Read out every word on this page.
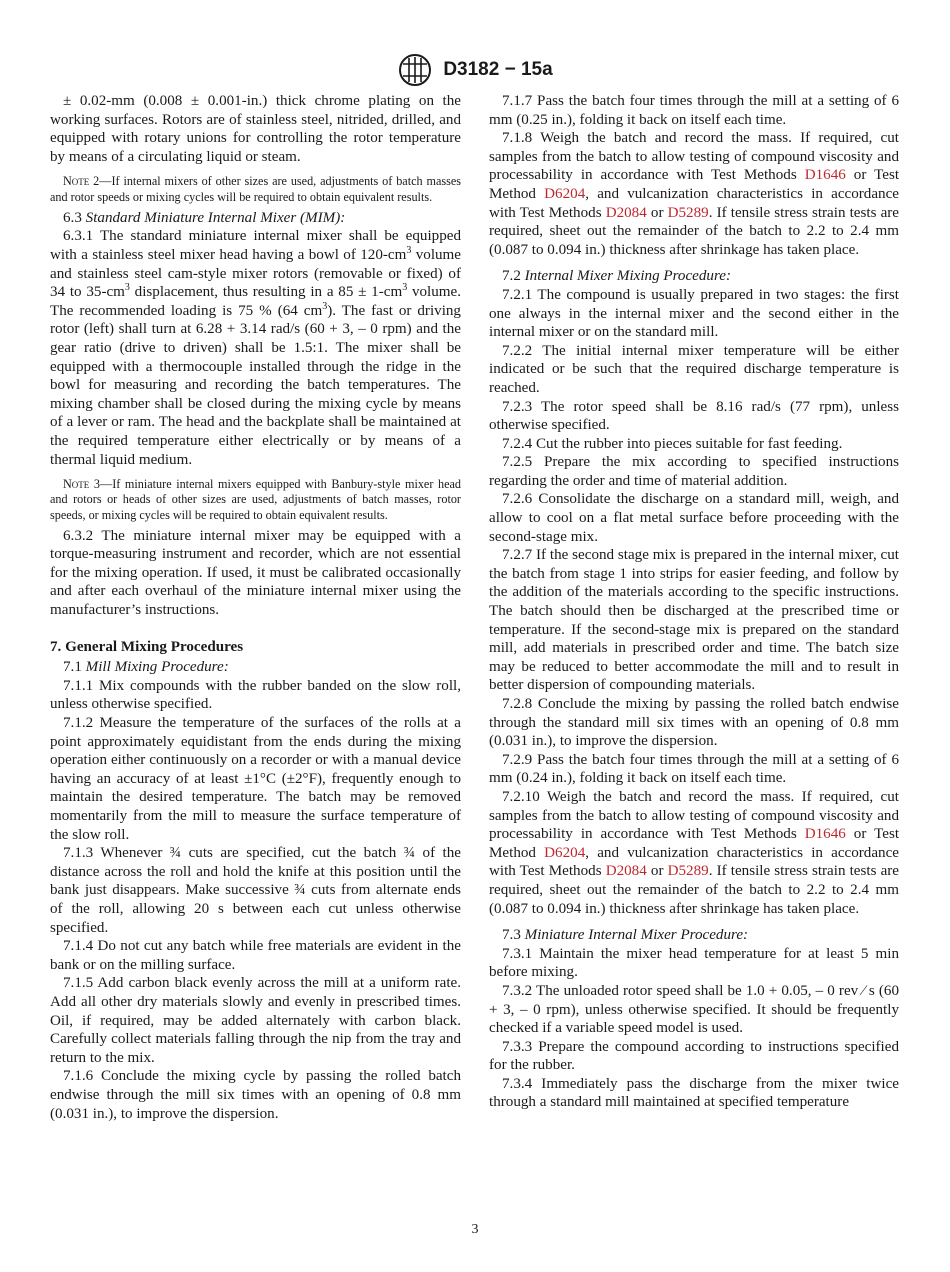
D3182 − 15a

± 0.02-mm (0.008 ± 0.001-in.) thick chrome plating on the working surfaces. Rotors are of stainless steel, nitrided, drilled, and equipped with rotary unions for controlling the rotor temperature by means of a circulating liquid or steam.

Note 2—If internal mixers of other sizes are used, adjustments of batch masses and rotor speeds or mixing cycles will be required to obtain equivalent results.

6.3 Standard Miniature Internal Mixer (MIM):

6.3.1 The standard miniature internal mixer shall be equipped with a stainless steel mixer head having a bowl of $120-cm^3$ volume and stainless steel cam-style mixer rotors (removable or fixed) of 34 to $35-cm^3$ displacement, thus resulting in a $85 \pm 1-cm^3$ volume. The recommended loading is 75 % (64 $cm^3$). The fast or driving rotor (left) shall turn at 6.28 + 3.14 rad/s (60 + 3, – 0 rpm) and the gear ratio (drive to driven) shall be 1.5:1. The mixer shall be equipped with a thermocouple installed through the ridge in the bowl for measuring and recording the batch temperatures. The mixing chamber shall be closed during the mixing cycle by means of a lever or ram. The head and the backplate shall be maintained at the required temperature either electrically or by means of a thermal liquid medium.

Note 3—If miniature internal mixers equipped with Banbury-style mixer head and rotors or heads of other sizes are used, adjustments of batch masses, rotor speeds, or mixing cycles will be required to obtain equivalent results.

6.3.2 The miniature internal mixer may be equipped with a torque-measuring instrument and recorder, which are not essential for the mixing operation. If used, it must be calibrated occasionally and after each overhaul of the miniature internal mixer using the manufacturer’s instructions.

7. General Mixing Procedures

7.1 Mill Mixing Procedure:

7.1.1 Mix compounds with the rubber banded on the slow roll, unless otherwise specified.

7.1.2 Measure the temperature of the surfaces of the rolls at a point approximately equidistant from the ends during the mixing operation either continuously on a recorder or with a manual device having an accuracy of at least ±1°C (±2°F), frequently enough to maintain the desired temperature. The batch may be removed momentarily from the mill to measure the surface temperature of the slow roll.

7.1.3 Whenever ¾ cuts are specified, cut the batch ¾ of the distance across the roll and hold the knife at this position until the bank just disappears. Make successive ¾ cuts from alternate ends of the roll, allowing 20 s between each cut unless otherwise specified.

7.1.4 Do not cut any batch while free materials are evident in the bank or on the milling surface.

7.1.5 Add carbon black evenly across the mill at a uniform rate. Add all other dry materials slowly and evenly in prescribed times. Oil, if required, may be added alternately with carbon black. Carefully collect materials falling through the nip from the tray and return to the mix.

7.1.6 Conclude the mixing cycle by passing the rolled batch endwise through the mill six times with an opening of 0.8 mm (0.031 in.), to improve the dispersion.

7.1.7 Pass the batch four times through the mill at a setting of 6 mm (0.25 in.), folding it back on itself each time.

7.1.8 Weigh the batch and record the mass. If required, cut samples from the batch to allow testing of compound viscosity and processability in accordance with Test Methods D1646 or Test Method D6204, and vulcanization characteristics in accordance with Test Methods D2084 or D5289. If tensile stress strain tests are required, sheet out the remainder of the batch to 2.2 to 2.4 mm (0.087 to 0.094 in.) thickness after shrinkage has taken place.

7.2 Internal Mixer Mixing Procedure:

7.2.1 The compound is usually prepared in two stages: the first one always in the internal mixer and the second either in the internal mixer or on the standard mill.

7.2.2 The initial internal mixer temperature will be either indicated or be such that the required discharge temperature is reached.

7.2.3 The rotor speed shall be 8.16 rad/s (77 rpm), unless otherwise specified.

7.2.4 Cut the rubber into pieces suitable for fast feeding.

7.2.5 Prepare the mix according to specified instructions regarding the order and time of material addition.

7.2.6 Consolidate the discharge on a standard mill, weigh, and allow to cool on a flat metal surface before proceeding with the second-stage mix.

7.2.7 If the second stage mix is prepared in the internal mixer, cut the batch from stage 1 into strips for easier feeding, and follow by the addition of the materials according to the specific instructions. The batch should then be discharged at the prescribed time or temperature. If the second-stage mix is prepared on the standard mill, add materials in prescribed order and time. The batch size may be reduced to better accommodate the mill and to result in better dispersion of compounding materials.

7.2.8 Conclude the mixing by passing the rolled batch endwise through the standard mill six times with an opening of 0.8 mm (0.031 in.), to improve the dispersion.

7.2.9 Pass the batch four times through the mill at a setting of 6 mm (0.24 in.), folding it back on itself each time.

7.2.10 Weigh the batch and record the mass. If required, cut samples from the batch to allow testing of compound viscosity and processability in accordance with Test Methods D1646 or Test Method D6204, and vulcanization characteristics in accordance with Test Methods D2084 or D5289. If tensile stress strain tests are required, sheet out the remainder of the batch to 2.2 to 2.4 mm (0.087 to 0.094 in.) thickness after shrinkage has taken place.

7.3 Miniature Internal Mixer Procedure:

7.3.1 Maintain the mixer head temperature for at least 5 min before mixing.

7.3.2 The unloaded rotor speed shall be 1.0 + 0.05, – 0 rev ⁄ s (60 + 3, – 0 rpm), unless otherwise specified. It should be frequently checked if a variable speed model is used.

7.3.3 Prepare the compound according to instructions specified for the rubber.

7.3.4 Immediately pass the discharge from the mixer twice through a standard mill maintained at specified temperature

3
